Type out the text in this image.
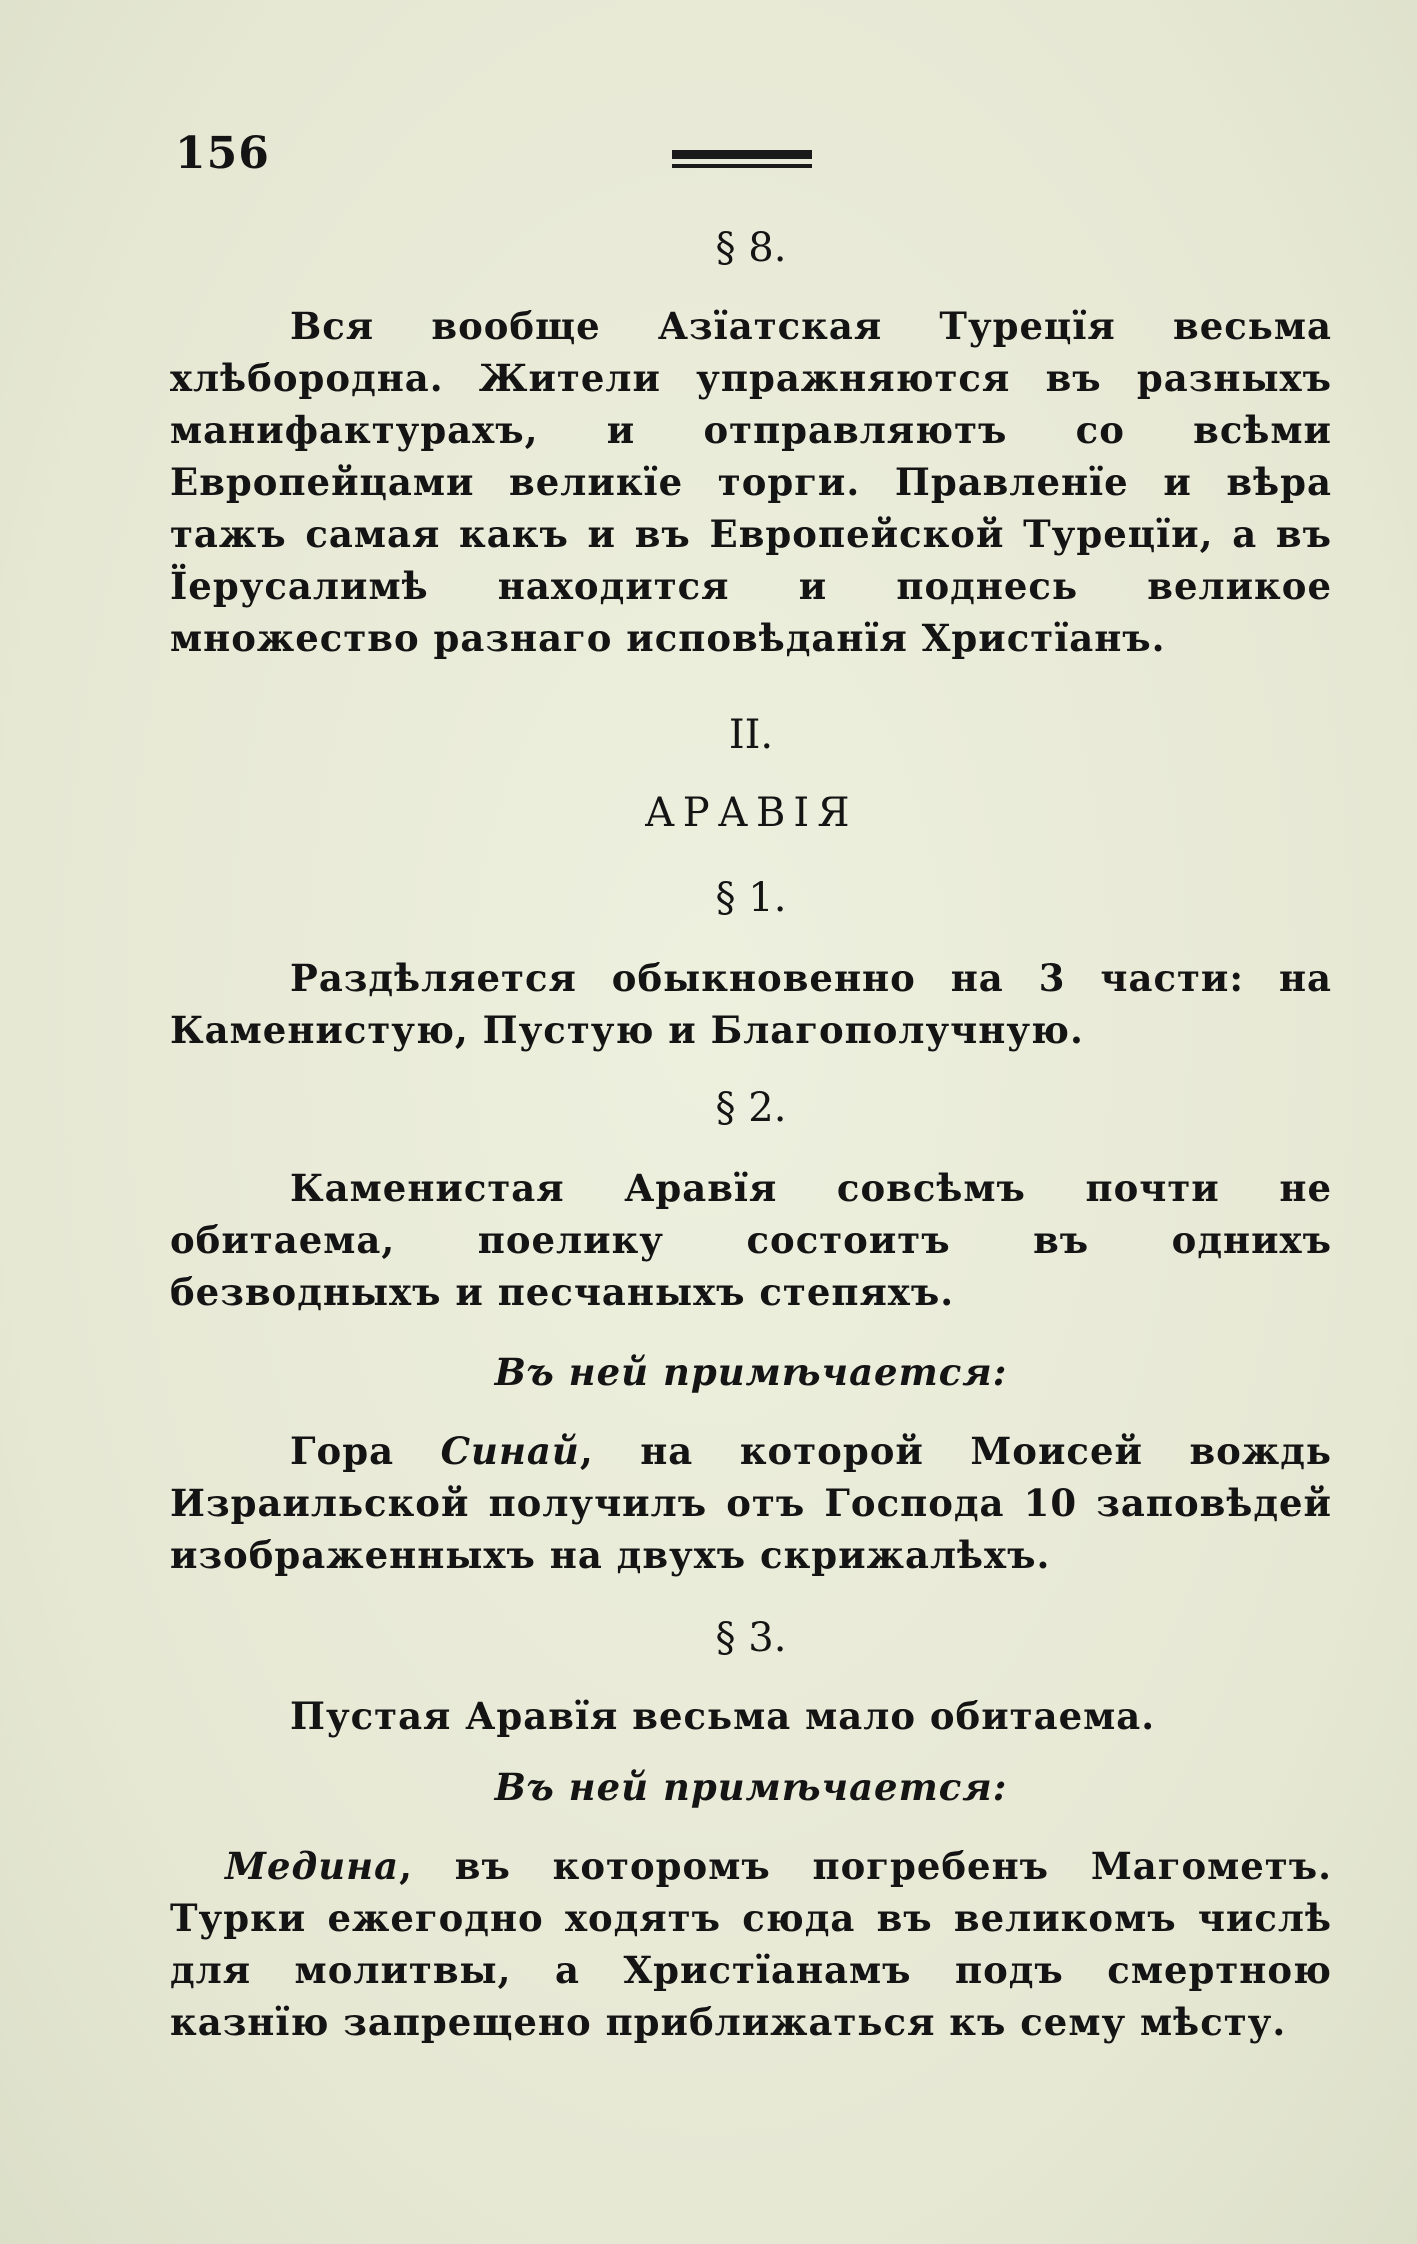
156
§ 8.
Вся вообще Азїатская Турецїя весьма хлѣбородна. Жители упражняются въ разныхъ манифактурахъ, и отправляютъ со всѣми Европейцами великїе торги. Правленїе и вѣра тажъ самая какъ и въ Европейской Турецїи, а въ Їерусалимѣ находится и поднесь великое множество разнаго исповѣданїя Христїанъ.
II.
АРАВІЯ
§ 1.
Раздѣляется обыкновенно на 3 части: на Каменистую, Пустую и Благополучную.
§ 2.
Каменистая Аравїя совсѣмъ почти не обитаема, поелику состоитъ въ однихъ безводныхъ и песчаныхъ степяхъ.
Въ ней примѣчается:
Гора Синай, на которой Моисей вождь Израильской получилъ отъ Господа 10 заповѣдей изображенныхъ на двухъ скрижалѣхъ.
§ 3.
Пустая Аравїя весьма мало обитаема.
Въ ней примѣчается:
Медина, въ которомъ погребенъ Магометъ. Турки ежегодно ходятъ сюда въ великомъ числѣ для молитвы, а Христїанамъ подъ смертною казнїю запрещено приближаться къ сему мѣсту.
